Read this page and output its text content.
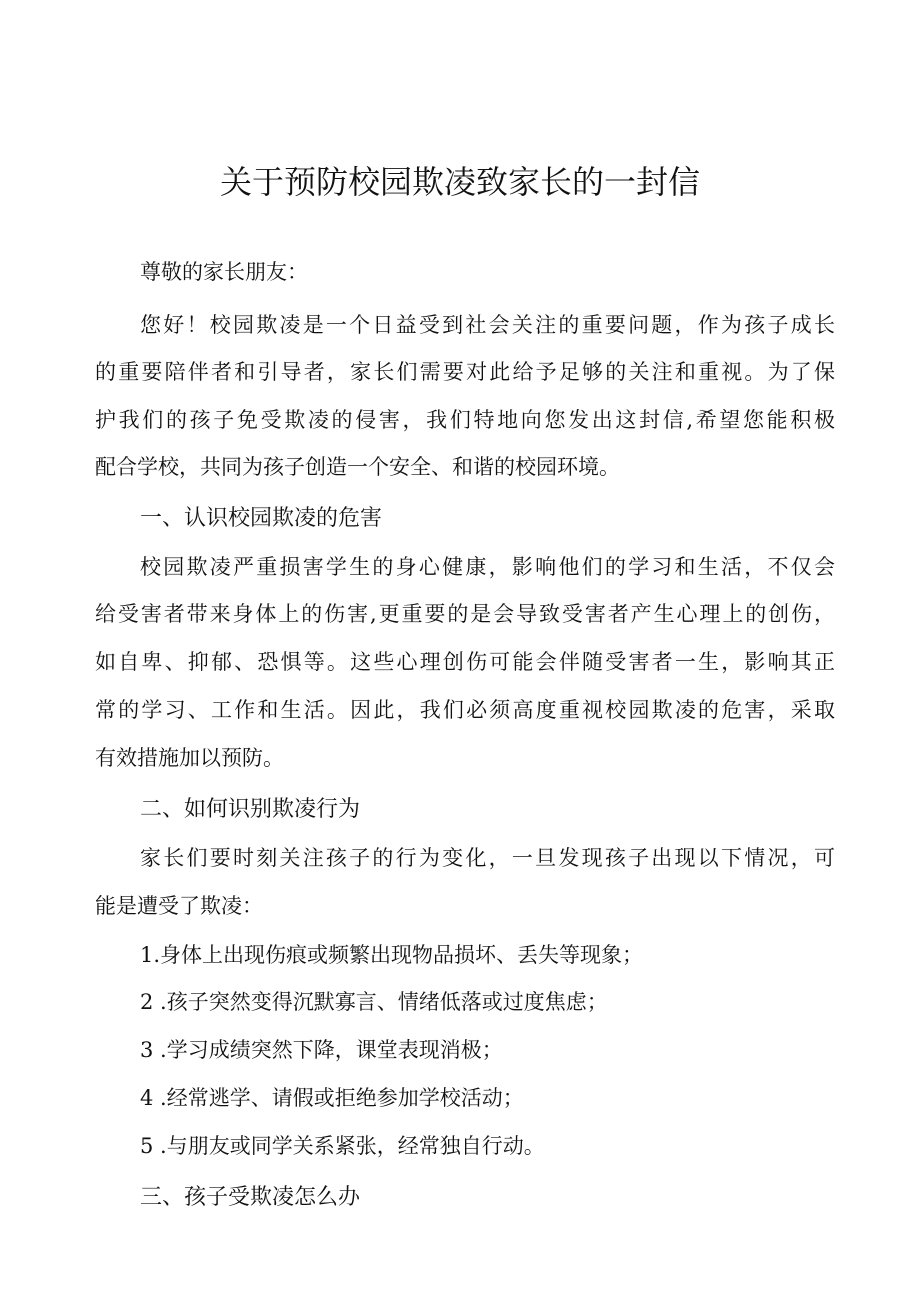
关于预防校园欺凌致家长的一封信
尊敬的家长朋友：
您好！校园欺凌是一个日益受到社会关注的重要问题，作为孩子成长
的重要陪伴者和引导者，家长们需要对此给予足够的关注和重视。为了保
护我们的孩子免受欺凌的侵害，我们特地向您发出这封信,希望您能积极
配合学校，共同为孩子创造一个安全、和谐的校园环境。
一、认识校园欺凌的危害
校园欺凌严重损害学生的身心健康，影响他们的学习和生活，不仅会
给受害者带来身体上的伤害,更重要的是会导致受害者产生心理上的创伤，
如自卑、抑郁、恐惧等。这些心理创伤可能会伴随受害者一生，影响其正
常的学习、工作和生活。因此，我们必须高度重视校园欺凌的危害，采取
有效措施加以预防。
二、如何识别欺凌行为
家长们要时刻关注孩子的行为变化，一旦发现孩子出现以下情况，可
能是遭受了欺凌：
1.身体上出现伤痕或频繁出现物品损坏、丢失等现象；
2 .孩子突然变得沉默寡言、情绪低落或过度焦虑；
3 .学习成绩突然下降，课堂表现消极；
4 .经常逃学、请假或拒绝参加学校活动；
5 .与朋友或同学关系紧张，经常独自行动。
三、孩子受欺凌怎么办
